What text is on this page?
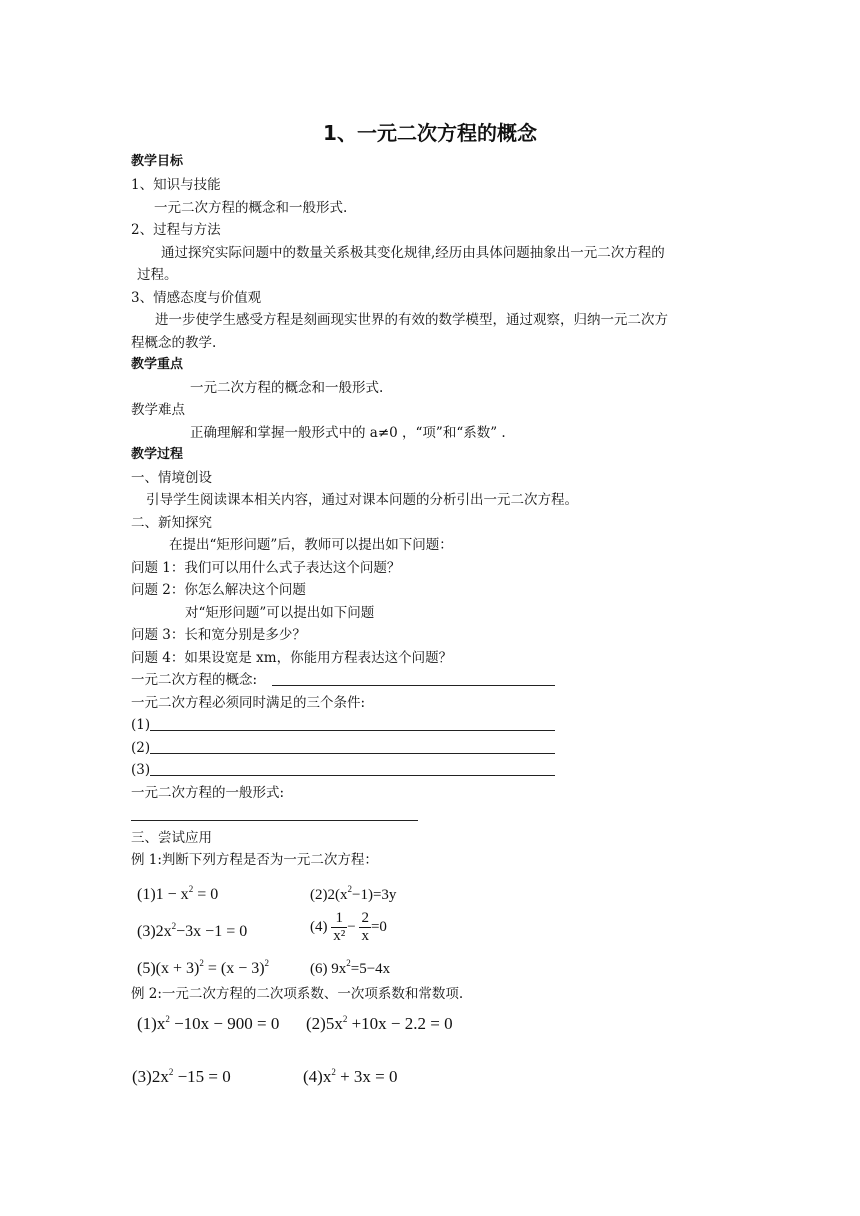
1、一元二次方程的概念
教学目标
1、知识与技能
一元二次方程的概念和一般形式.
2、过程与方法
通过探究实际问题中的数量关系极其变化规律,经历由具体问题抽象出一元二次方程的
过程。
3、情感态度与价值观
进一步使学生感受方程是刻画现实世界的有效的数学模型，通过观察，归纳一元二次方
程概念的教学.
教学重点
一元二次方程的概念和一般形式.
教学难点
正确理解和掌握一般形式中的 a≠0 ，“项”和“系数” .
教学过程
一、情境创设
引导学生阅读课本相关内容，通过对课本问题的分析引出一元二次方程。
二、新知探究
在提出“矩形问题”后，教师可以提出如下问题：
问题 1：我们可以用什么式子表达这个问题？
问题 2：你怎么解决这个问题
对“矩形问题”可以提出如下问题
问题 3：长和宽分别是多少？
问题 4：如果设宽是 xm，你能用方程表达这个问题？
一元二次方程的概念:
一元二次方程必须同时满足的三个条件:
(1)
(2)
(3)
一元二次方程的一般形式:
三、尝试应用
例 1:判断下列方程是否为一元二次方程：
$(1)1 - x^2 = 0$	$(2)2(x^2-1)=3y$
$(3)2x^2-3x -1 = 0$	$(4) \frac{1}{\text{x²}} - \frac{2}{x} =0$
$(5)(x + 3)^2 = (x - 3)^2$	(6) $9x^2=5-4x$
例 2:一元二次方程的二次项系数、一次项系数和常数项.
$(1)x^2 -10x - 900 = 0$ $(2)5x^2 +10x - 2.2 = 0$
$(3)2x^2 -15 = 0$	$(4)x^2 + 3x = 0$
